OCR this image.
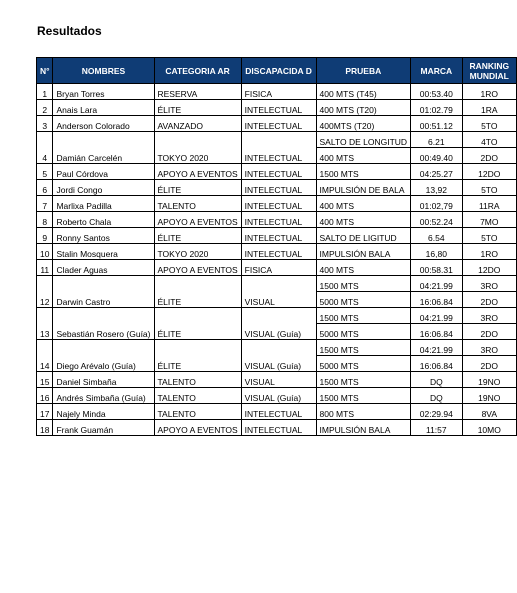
Resultados
N°	NOMBRES	CATEGORIA AR	DISCAPACIDA D	PRUEBA	MARCA	RANKING MUNDIAL
1	Bryan Torres	RESERVA	FISICA	400 MTS (T45)	00:53.40	1RO
2	Anais Lara	ÉLITE	INTELECTUAL	400 MTS (T20)	01:02.79	1RA
3	Anderson Colorado	AVANZADO	INTELECTUAL	400MTS (T20)	00:51.12	5TO
4	Damián Carcelén	TOKYO 2020	INTELECTUAL	SALTO DE LONGITUD	6.21	4TO
				400 MTS	00:49.40	2DO
5	Paul Córdova	APOYO A EVENTOS	INTELECTUAL	1500 MTS	04:25.27	12DO
6	Jordi Congo	ÉLITE	INTELECTUAL	IMPULSIÓN DE BALA	13,92	5TO
7	Marlixa Padilla	TALENTO	INTELECTUAL	400 MTS	01:02,79	11RA
8	Roberto Chala	APOYO A EVENTOS	INTELECTUAL	400 MTS	00:52.24	7MO
9	Ronny Santos	ÉLITE	INTELECTUAL	SALTO DE LIGITUD	6.54	5TO
10	Stalin Mosquera	TOKYO 2020	INTELECTUAL	IMPULSIÓN BALA	16,80	1RO
11	Clader Aguas	APOYO A EVENTOS	FISICA	400 MTS	00:58.31	12DO
12	Darwin Castro	ÉLITE	VISUAL	1500 MTS	04:21.99	3RO
				5000 MTS	16:06.84	2DO
13	Sebastián Rosero (Guía)	ÉLITE	VISUAL (Guía)	1500 MTS	04:21.99	3RO
				5000 MTS	16:06.84	2DO
14	Diego Arévalo (Guía)	ÉLITE	VISUAL (Guía)	1500 MTS	04:21.99	3RO
				5000 MTS	16:06.84	2DO
15	Daniel Simbaña	TALENTO	VISUAL	1500 MTS	DQ	19NO
16	Andrés Simbaña (Guía)	TALENTO	VISUAL (Guía)	1500 MTS	DQ	19NO
17	Najely Minda	TALENTO	INTELECTUAL	800 MTS	02:29.94	8VA
18	Frank Guamán	APOYO A EVENTOS	INTELECTUAL	IMPULSIÓN BALA	11:57	10MO
